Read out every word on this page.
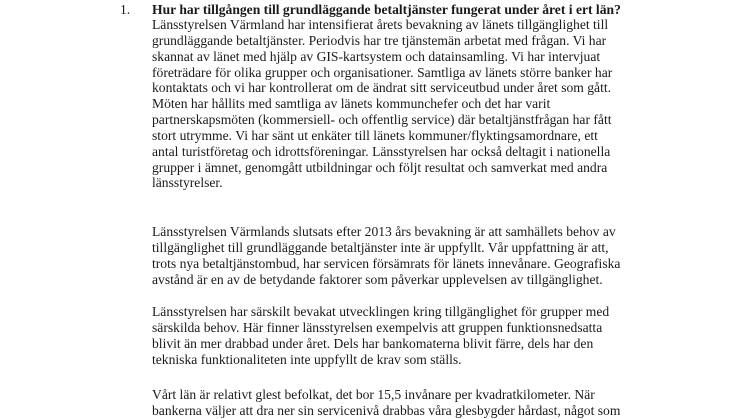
1. Hur har tillgången till grundläggande betaltjänster fungerat under året i ert län?
Länsstyrelsen Värmland har intensifierat årets bevakning av länets tillgänglighet till
grundläggande betaltjänster. Periodvis har tre tjänstemän arbetat med frågan. Vi har
skannat av länet med hjälp av GIS-kartsystem och datainsamling. Vi har intervjuat
företrädare för olika grupper och organisationer. Samtliga av länets större banker har
kontaktats och vi har kontrollerat om de ändrat sitt serviceutbud under året som gått.
Möten har hållits med samtliga av länets kommunchefer och det har varit
partnerskapsmöten (kommersiell- och offentlig service) där betaltjänstfrågan har fått
stort utrymme. Vi har sänt ut enkäter till länets kommuner/flyktingsamordnare, ett
antal turistföretag och idrottsföreningar. Länsstyrelsen har också deltagit i nationella
grupper i ämnet, genomgått utbildningar och följt resultat och samverkat med andra
länsstyrelser.
Länsstyrelsen Värmlands slutsats efter 2013 års bevakning är att samhällets behov av
tillgänglighet till grundläggande betaltjänster inte är uppfyllt. Vår uppfattning är att,
trots nya betaltjänstombud, har servicen försämrats för länets innevånare. Geografiska
avstånd är en av de betydande faktorer som påverkar upplevelsen av tillgänglighet.
Länsstyrelsen har särskilt bevakat utvecklingen kring tillgänglighet för grupper med
särskilda behov. Här finner länsstyrelsen exempelvis att gruppen funktionsnedsatta
blivit än mer drabbad under året. Dels har bankomaterna blivit färre, dels har den
tekniska funktionaliteten inte uppfyllt de krav som ställs.
Vårt län är relativt glest befolkat, det bor 15,5 invånare per kvadratkilometer. När
bankerna väljer att dra ner sin servicenivå drabbas våra glesbygder hårdast, något som
